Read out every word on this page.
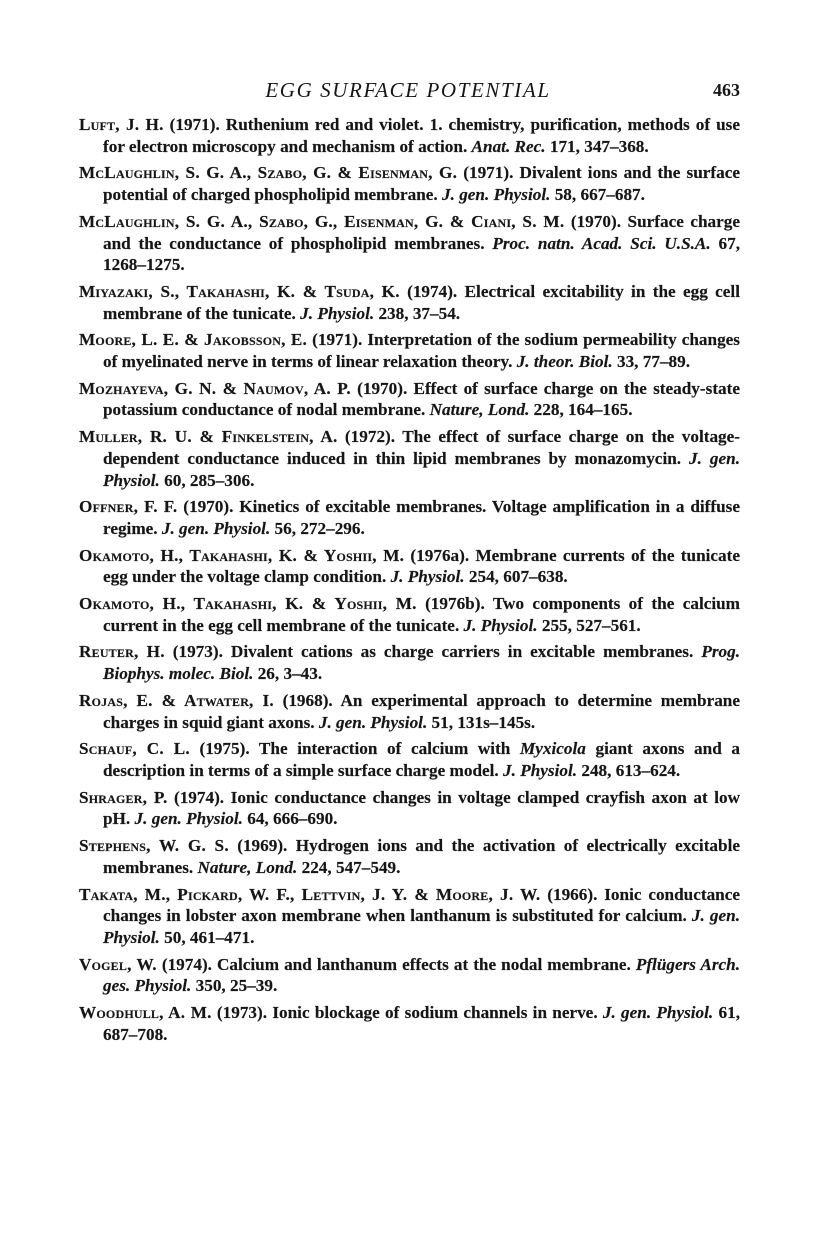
EGG SURFACE POTENTIAL	463

Luft, J. H. (1971). Ruthenium red and violet. 1. chemistry, purification, methods of use for electron microscopy and mechanism of action. Anat. Rec. 171, 347–368.

McLaughlin, S. G. A., Szabo, G. & Eisenman, G. (1971). Divalent ions and the surface potential of charged phospholipid membrane. J. gen. Physiol. 58, 667–687.

McLaughlin, S. G. A., Szabo, G., Eisenman, G. & Ciani, S. M. (1970). Surface charge and the conductance of phospholipid membranes. Proc. natn. Acad. Sci. U.S.A. 67, 1268–1275.

Miyazaki, S., Takahashi, K. & Tsuda, K. (1974). Electrical excitability in the egg cell membrane of the tunicate. J. Physiol. 238, 37–54.

Moore, L. E. & Jakobsson, E. (1971). Interpretation of the sodium permeability changes of myelinated nerve in terms of linear relaxation theory. J. theor. Biol. 33, 77–89.

Mozhayeva, G. N. & Naumov, A. P. (1970). Effect of surface charge on the steady-state potassium conductance of nodal membrane. Nature, Lond. 228, 164–165.

Muller, R. U. & Finkelstein, A. (1972). The effect of surface charge on the voltage-dependent conductance induced in thin lipid membranes by monazomycin. J. gen. Physiol. 60, 285–306.

Offner, F. F. (1970). Kinetics of excitable membranes. Voltage amplification in a diffuse regime. J. gen. Physiol. 56, 272–296.

Okamoto, H., Takahashi, K. & Yoshii, M. (1976a). Membrane currents of the tunicate egg under the voltage clamp condition. J. Physiol. 254, 607–638.

Okamoto, H., Takahashi, K. & Yoshii, M. (1976b). Two components of the calcium current in the egg cell membrane of the tunicate. J. Physiol. 255, 527–561.

Reuter, H. (1973). Divalent cations as charge carriers in excitable membranes. Prog. Biophys. molec. Biol. 26, 3–43.

Rojas, E. & Atwater, I. (1968). An experimental approach to determine membrane charges in squid giant axons. J. gen. Physiol. 51, 131s–145s.

Schauf, C. L. (1975). The interaction of calcium with Myxicola giant axons and a description in terms of a simple surface charge model. J. Physiol. 248, 613–624.

Shrager, P. (1974). Ionic conductance changes in voltage clamped crayfish axon at low pH. J. gen. Physiol. 64, 666–690.

Stephens, W. G. S. (1969). Hydrogen ions and the activation of electrically excitable membranes. Nature, Lond. 224, 547–549.

Takata, M., Pickard, W. F., Lettvin, J. Y. & Moore, J. W. (1966). Ionic conductance changes in lobster axon membrane when lanthanum is substituted for calcium. J. gen. Physiol. 50, 461–471.

Vogel, W. (1974). Calcium and lanthanum effects at the nodal membrane. Pflügers Arch. ges. Physiol. 350, 25–39.

Woodhull, A. M. (1973). Ionic blockage of sodium channels in nerve. J. gen. Physiol. 61, 687–708.
